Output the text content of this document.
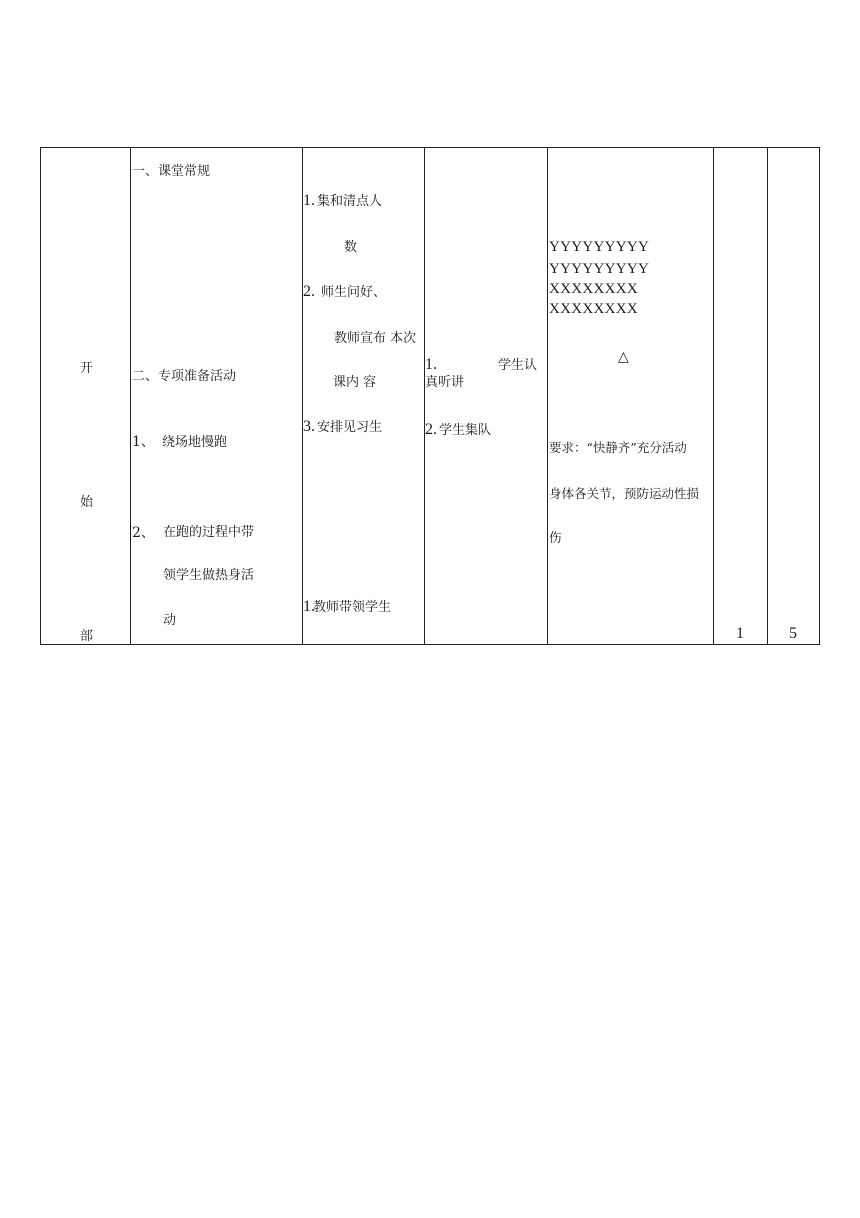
开
始
部
一、课堂常规
二、专项准备活动
1、 绕场地慢跑
2、 在跑的过程中带
领学生做热身活
动
1. 集和清点人
数
2. 师生问好、
教师宣布 本次
课内 容
3. 安排见习生
1.
教师带领学生
1.	学生认
真听讲
2. 学生集队
YYYYYYYYY
YYYYYYYYY
XXXXXXXX
XXXXXXXX
△
要求：“快静齐”充分活动
身体各关节，预防运动性损
伤
1	5
